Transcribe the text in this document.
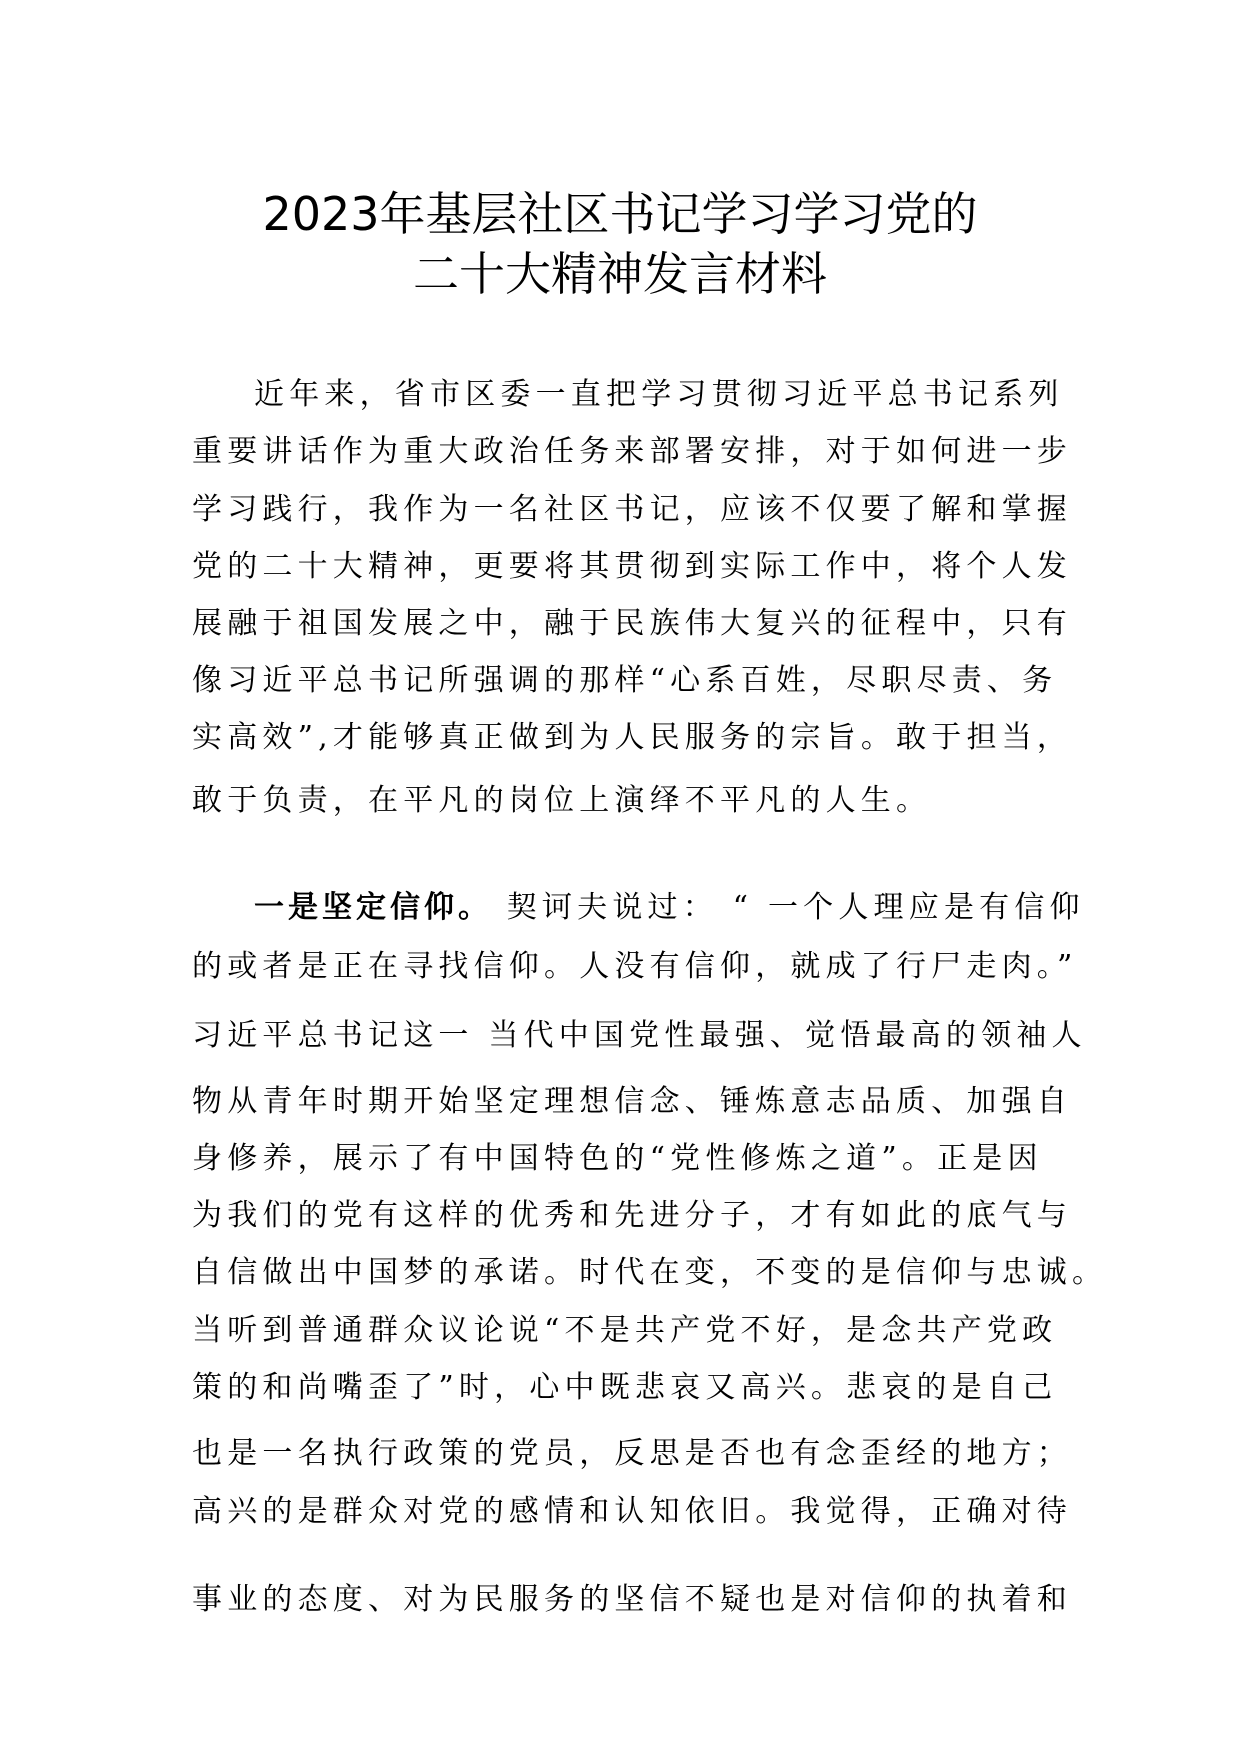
2023年基层社区书记学习学习党的
二十大精神发言材料
近年来，省市区委一直把学习贯彻习近平总书记系列
重要讲话作为重大政治任务来部署安排，对于如何进一步
学习践行，我作为一名社区书记，应该不仅要了解和掌握
党的二十大精神，更要将其贯彻到实际工作中，将个人发
展融于祖国发展之中，融于民族伟大复兴的征程中，只有
像习近平总书记所强调的那样“心系百姓，尽职尽责、务
实高效”,才能够真正做到为人民服务的宗旨。敢于担当，
敢于负责，在平凡的岗位上演绎不平凡的人生。
一是坚定信仰。 契诃夫说过： “ 一个人理应是有信仰
的或者是正在寻找信仰。人没有信仰，就成了行尸走肉。”
习近平总书记这一 当代中国党性最强、觉悟最高的领袖人
物从青年时期开始坚定理想信念、锤炼意志品质、加强自
身修养，展示了有中国特色的“党性修炼之道”。正是因
为我们的党有这样的优秀和先进分子，才有如此的底气与
自信做出中国梦的承诺。时代在变，不变的是信仰与忠诚。
当听到普通群众议论说“不是共产党不好，是念共产党政
策的和尚嘴歪了”时，心中既悲哀又高兴。悲哀的是自己
也是一名执行政策的党员，反思是否也有念歪经的地方；
高兴的是群众对党的感情和认知依旧。我觉得，正确对待
事业的态度、对为民服务的坚信不疑也是对信仰的执着和
